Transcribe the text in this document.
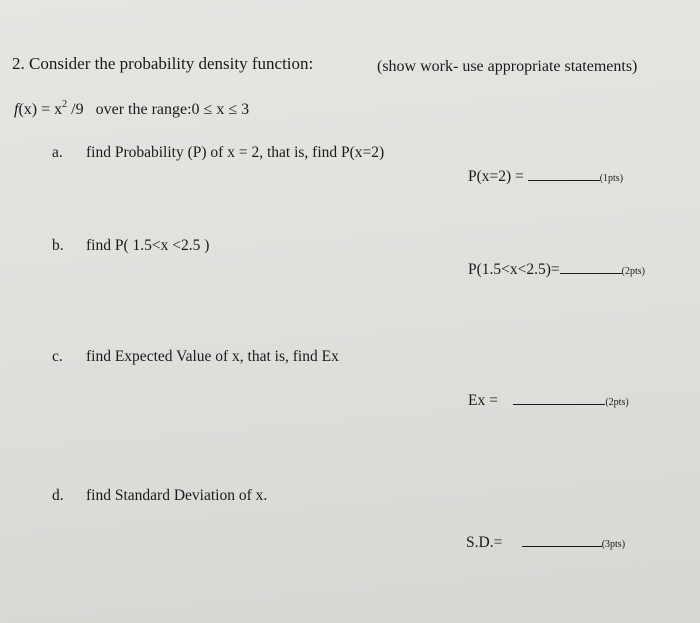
2. Consider the probability density function:	(show work- use appropriate statements)
$f(x) = x^2$ /9 over the range:0 ≤ x ≤ 3
a. find Probability (P) of x = 2, that is, find P(x=2)
P(x=2) =	(1pts)
b. find P( 1.5<x <2.5 )
P(1.5<x<2.5)=	(2pts)
c. find Expected Value of x, that is, find Ex
Ex =	(2pts)
d. find Standard Deviation of x.
S.D.=	(3pts)
